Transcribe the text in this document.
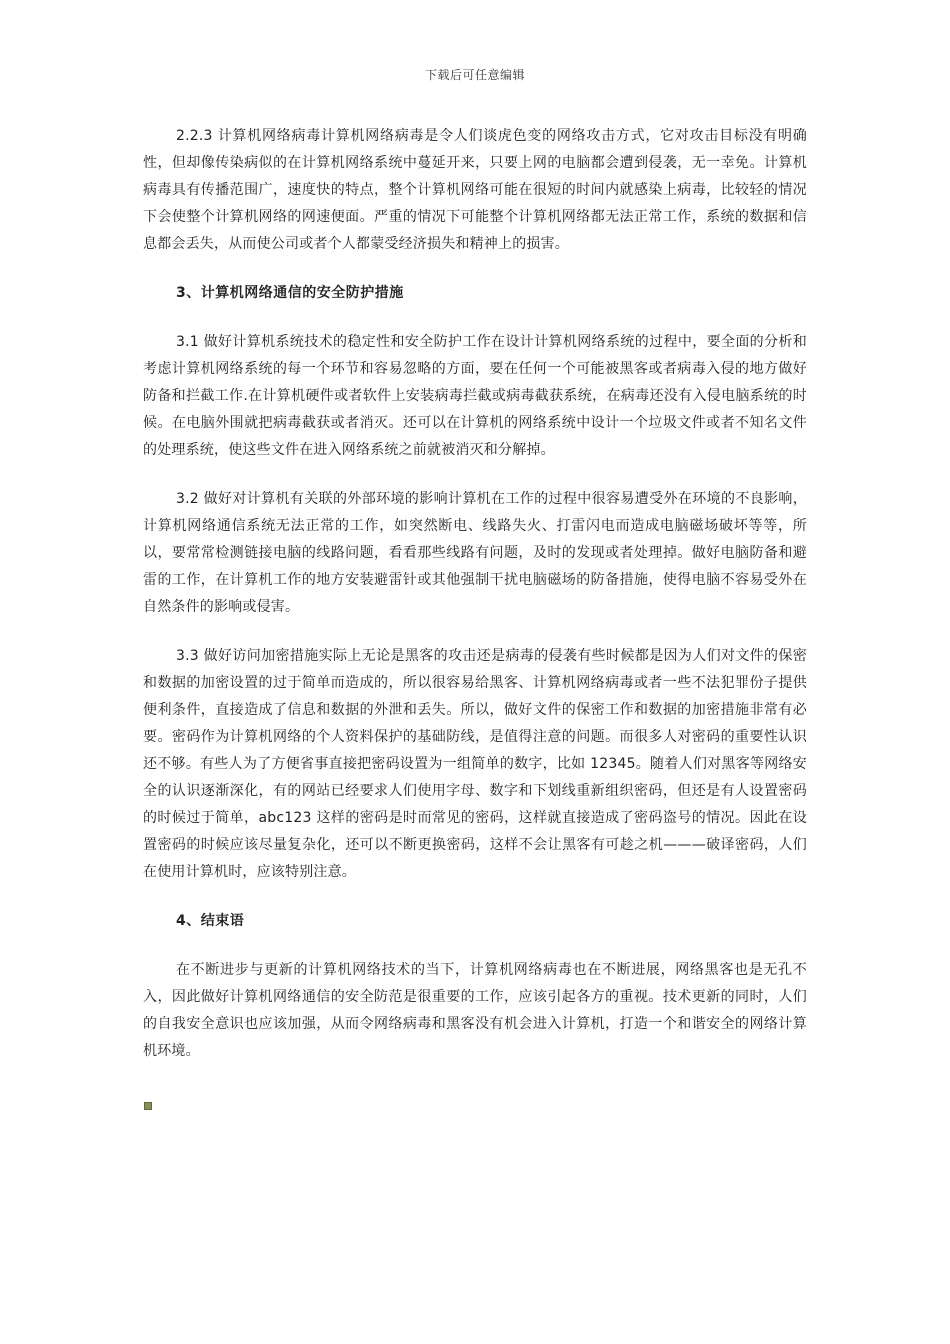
下载后可任意编辑

2.2.3 计算机网络病毒计算机网络病毒是令人们谈虎色变的网络攻击方式，它对攻击目标没有明确性，但却像传染病似的在计算机网络系统中蔓延开来，只要上网的电脑都会遭到侵袭，无一幸免。计算机病毒具有传播范围广，速度快的特点，整个计算机网络可能在很短的时间内就感染上病毒，比较轻的情况下会使整个计算机网络的网速便面。严重的情况下可能整个计算机网络都无法正常工作，系统的数据和信息都会丢失，从而使公司或者个人都蒙受经济损失和精神上的损害。

3、计算机网络通信的安全防护措施

3.1 做好计算机系统技术的稳定性和安全防护工作在设计计算机网络系统的过程中，要全面的分析和考虑计算机网络系统的每一个环节和容易忽略的方面，要在任何一个可能被黑客或者病毒入侵的地方做好防备和拦截工作.在计算机硬件或者软件上安装病毒拦截或病毒截获系统，在病毒还没有入侵电脑系统的时候。在电脑外围就把病毒截获或者消灭。还可以在计算机的网络系统中设计一个垃圾文件或者不知名文件的处理系统，使这些文件在进入网络系统之前就被消灭和分解掉。

3.2 做好对计算机有关联的外部环境的影响计算机在工作的过程中很容易遭受外在环境的不良影响，计算机网络通信系统无法正常的工作，如突然断电、线路失火、打雷闪电而造成电脑磁场破坏等等，所以，要常常检测链接电脑的线路问题，看看那些线路有问题，及时的发现或者处理掉。做好电脑防备和避雷的工作，在计算机工作的地方安装避雷针或其他强制干扰电脑磁场的防备措施，使得电脑不容易受外在自然条件的影响或侵害。

3.3 做好访问加密措施实际上无论是黑客的攻击还是病毒的侵袭有些时候都是因为人们对文件的保密和数据的加密设置的过于简单而造成的，所以很容易给黑客、计算机网络病毒或者一些不法犯罪份子提供便利条件，直接造成了信息和数据的外泄和丢失。所以，做好文件的保密工作和数据的加密措施非常有必要。密码作为计算机网络的个人资料保护的基础防线，是值得注意的问题。而很多人对密码的重要性认识还不够。有些人为了方便省事直接把密码设置为一组简单的数字，比如 12345。随着人们对黑客等网络安全的认识逐渐深化，有的网站已经要求人们使用字母、数字和下划线重新组织密码，但还是有人设置密码的时候过于简单，abc123 这样的密码是时而常见的密码，这样就直接造成了密码盗号的情况。因此在设置密码的时候应该尽量复杂化，还可以不断更换密码，这样不会让黑客有可趁之机———破译密码，人们在使用计算机时，应该特别注意。

4、结束语

在不断进步与更新的计算机网络技术的当下，计算机网络病毒也在不断进展，网络黑客也是无孔不入，因此做好计算机网络通信的安全防范是很重要的工作，应该引起各方的重视。技术更新的同时，人们的自我安全意识也应该加强，从而令网络病毒和黑客没有机会进入计算机，打造一个和谐安全的网络计算机环境。
